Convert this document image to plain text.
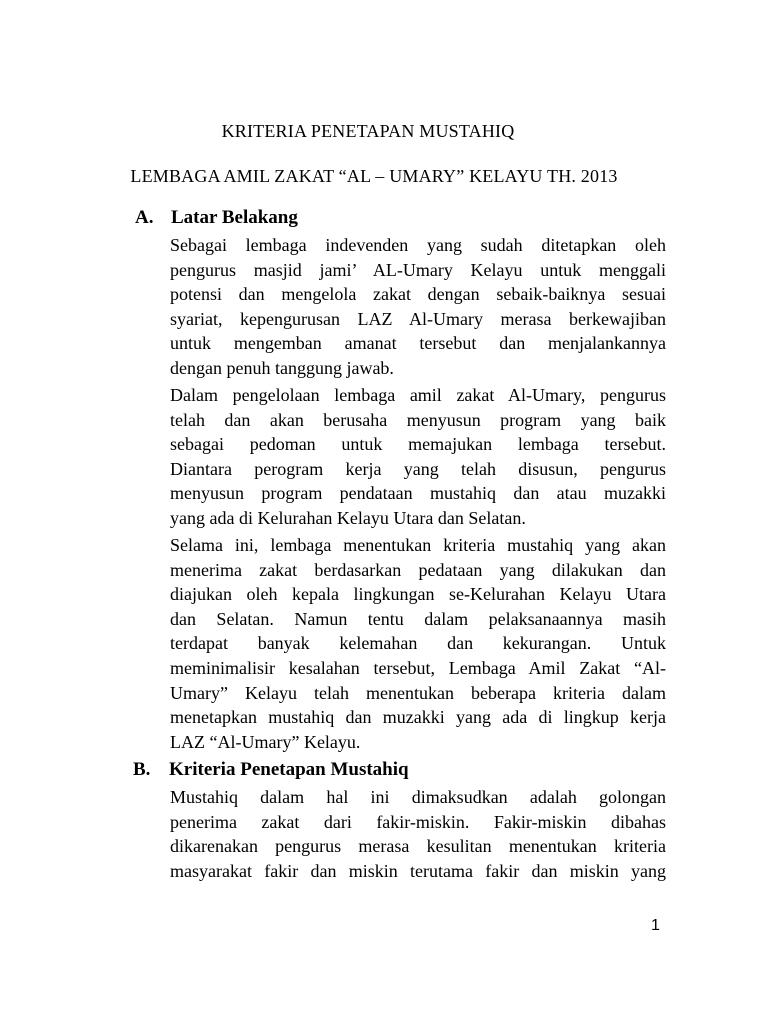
KRITERIA PENETAPAN MUSTAHIQ
LEMBAGA AMIL ZAKAT “AL – UMARY” KELAYU TH. 2013
A. Latar Belakang
Sebagai lembaga indevenden yang sudah ditetapkan oleh
pengurus masjid jami’ AL-Umary Kelayu untuk menggali
potensi dan mengelola zakat dengan sebaik-baiknya sesuai
syariat, kepengurusan LAZ Al-Umary merasa berkewajiban
untuk mengemban amanat tersebut dan menjalankannya
dengan penuh tanggung jawab.
Dalam pengelolaan lembaga amil zakat Al-Umary, pengurus
telah dan akan berusaha menyusun program yang baik
sebagai pedoman untuk memajukan lembaga tersebut.
Diantara perogram kerja yang telah disusun, pengurus
menyusun program pendataan mustahiq dan atau muzakki
yang ada di Kelurahan Kelayu Utara dan Selatan.
Selama ini, lembaga menentukan kriteria mustahiq yang akan
menerima zakat berdasarkan pedataan yang dilakukan dan
diajukan oleh kepala lingkungan se-Kelurahan Kelayu Utara
dan Selatan. Namun tentu dalam pelaksanaannya masih
terdapat banyak kelemahan dan kekurangan. Untuk
meminimalisir kesalahan tersebut, Lembaga Amil Zakat “Al-
Umary” Kelayu telah menentukan beberapa kriteria dalam
menetapkan mustahiq dan muzakki yang ada di lingkup kerja
LAZ “Al-Umary” Kelayu.
B. Kriteria Penetapan Mustahiq
Mustahiq dalam hal ini dimaksudkan adalah golongan
penerima zakat dari fakir-miskin. Fakir-miskin dibahas
dikarenakan pengurus merasa kesulitan menentukan kriteria
masyarakat fakir dan miskin terutama fakir dan miskin yang
1
